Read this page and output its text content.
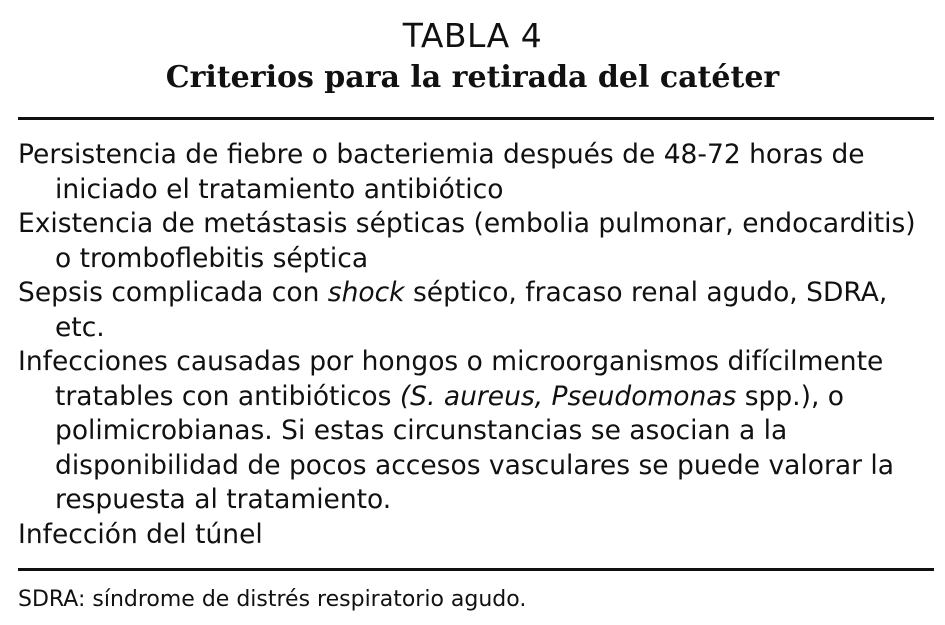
TABLA 4
Criterios para la retirada del catéter
Persistencia de fiebre o bacteriemia después de 48-72 horas de iniciado el tratamiento antibiótico
Existencia de metástasis sépticas (embolia pulmonar, endocarditis) o tromboflebitis séptica
Sepsis complicada con shock séptico, fracaso renal agudo, SDRA, etc.
Infecciones causadas por hongos o microorganismos difícilmente tratables con antibióticos (S. aureus, Pseudomonas spp.), o polimicrobianas. Si estas circunstancias se asocian a la disponibilidad de pocos accesos vasculares se puede valorar la respuesta al tratamiento.
Infección del túnel
SDRA: síndrome de distrés respiratorio agudo.
